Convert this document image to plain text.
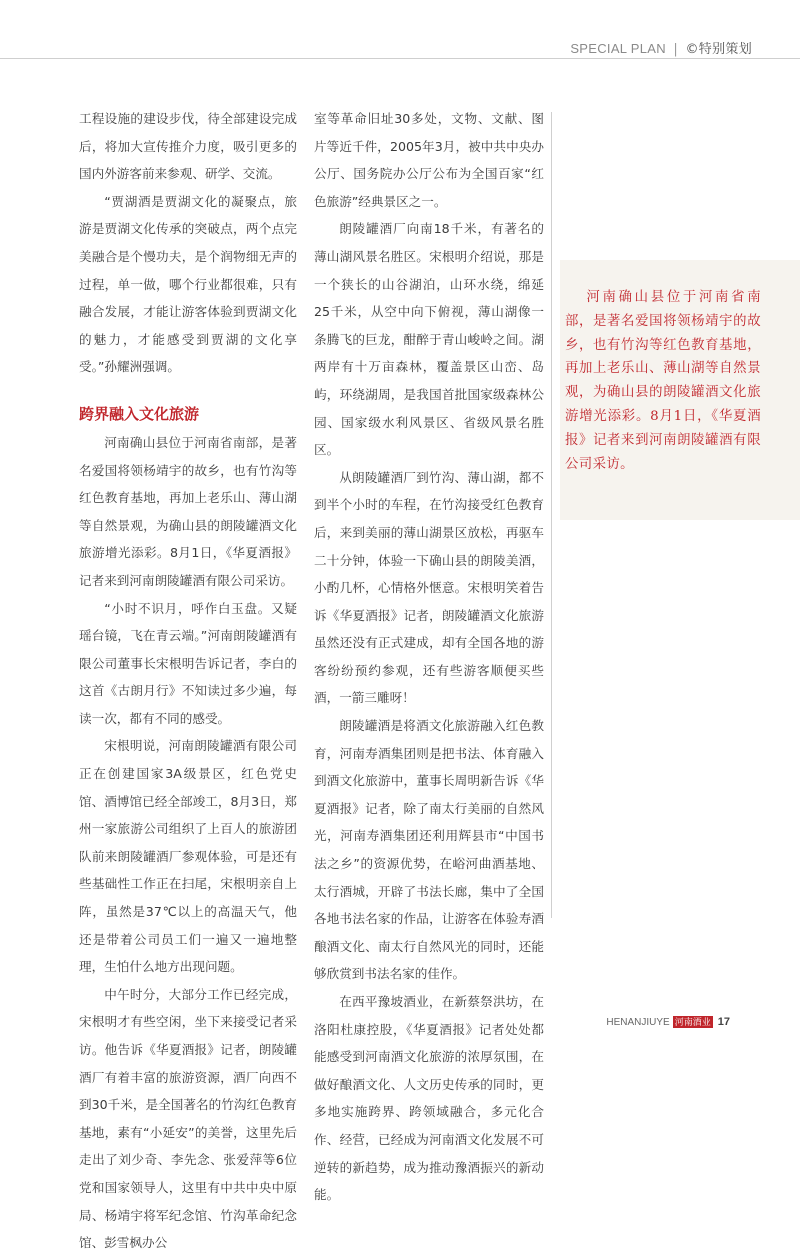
SPECIAL PLAN | ©特别策划

工程设施的建设步伐，待全部建设完成后，将加大宣传推介力度，吸引更多的国内外游客前来参观、研学、交流。

“贾湖酒是贾湖文化的凝聚点，旅游是贾湖文化传承的突破点，两个点完美融合是个慢功夫，是个润物细无声的过程，单一做，哪个行业都很难，只有融合发展，才能让游客体验到贾湖文化的魅力，才能感受到贾湖的文化享受。”孙耀洲强调。

跨界融入文化旅游

河南确山县位于河南省南部，是著名爱国将领杨靖宇的故乡，也有竹沟等红色教育基地，再加上老乐山、薄山湖等自然景观，为确山县的朗陵罐酒文化旅游增光添彩。8月1日，《华夏酒报》记者来到河南朗陵罐酒有限公司采访。

“小时不识月，呼作白玉盘。又疑瑶台镜，飞在青云端。”河南朗陵罐酒有限公司董事长宋根明告诉记者，李白的这首《古朗月行》不知读过多少遍，每读一次，都有不同的感受。

宋根明说，河南朗陵罐酒有限公司正在创建国家3A级景区，红色党史馆、酒博馆已经全部竣工，8月3日，郑州一家旅游公司组织了上百人的旅游团队前来朗陵罐酒厂参观体验，可是还有些基础性工作正在扫尾，宋根明亲自上阵，虽然是37℃以上的高温天气，他还是带着公司员工们一遍又一遍地整理，生怕什么地方出现问题。

中午时分，大部分工作已经完成，宋根明才有些空闲，坐下来接受记者采访。他告诉《华夏酒报》记者，朗陵罐酒厂有着丰富的旅游资源，酒厂向西不到30千米，是全国著名的竹沟红色教育基地，素有“小延安”的美誉，这里先后走出了刘少奇、李先念、张爱萍等6位党和国家领导人，这里有中共中央中原局、杨靖宇将军纪念馆、竹沟革命纪念馆、彭雪枫办公

室等革命旧址30多处，文物、文献、图片等近千件，2005年3月，被中共中央办公厅、国务院办公厅公布为全国百家“红色旅游”经典景区之一。

朗陵罐酒厂向南18千米，有著名的薄山湖风景名胜区。宋根明介绍说，那是一个狭长的山谷湖泊，山环水绕，绵延25千米，从空中向下俯视，薄山湖像一条腾飞的巨龙，酣醉于青山峻岭之间。湖两岸有十万亩森林，覆盖景区山峦、岛屿，环绕湖周，是我国首批国家级森林公园、国家级水利风景区、省级风景名胜区。

从朗陵罐酒厂到竹沟、薄山湖，都不到半个小时的车程，在竹沟接受红色教育后，来到美丽的薄山湖景区放松，再驱车二十分钟，体验一下确山县的朗陵美酒，小酌几杯，心情格外惬意。宋根明笑着告诉《华夏酒报》记者，朗陵罐酒文化旅游虽然还没有正式建成，却有全国各地的游客纷纷预约参观，还有些游客顺便买些酒，一箭三雕呀！

朗陵罐酒是将酒文化旅游融入红色教育，河南寿酒集团则是把书法、体育融入到酒文化旅游中，董事长周明新告诉《华夏酒报》记者，除了南太行美丽的自然风光，河南寿酒集团还利用辉县市“中国书法之乡”的资源优势，在峪河曲酒基地、太行酒城，开辟了书法长廊，集中了全国各地书法名家的作品，让游客在体验寿酒酿酒文化、南太行自然风光的同时，还能够欣赏到书法名家的佳作。

在西平豫坡酒业，在新蔡祭洪坊，在洛阳杜康控股，《华夏酒报》记者处处都能感受到河南酒文化旅游的浓厚氛围，在做好酿酒文化、人文历史传承的同时，更多地实施跨界、跨领域融合，多元化合作、经营，已经成为河南酒文化发展不可逆转的新趋势，成为推动豫酒振兴的新动能。

河南确山县位于河南省南部，是著名爱国将领杨靖宇的故乡，也有竹沟等红色教育基地，再加上老乐山、薄山湖等自然景观，为确山县的朗陵罐酒文化旅游增光添彩。8月1日，《华夏酒报》记者来到河南朗陵罐酒有限公司采访。

HENANJIUYE 河南酒业 17
